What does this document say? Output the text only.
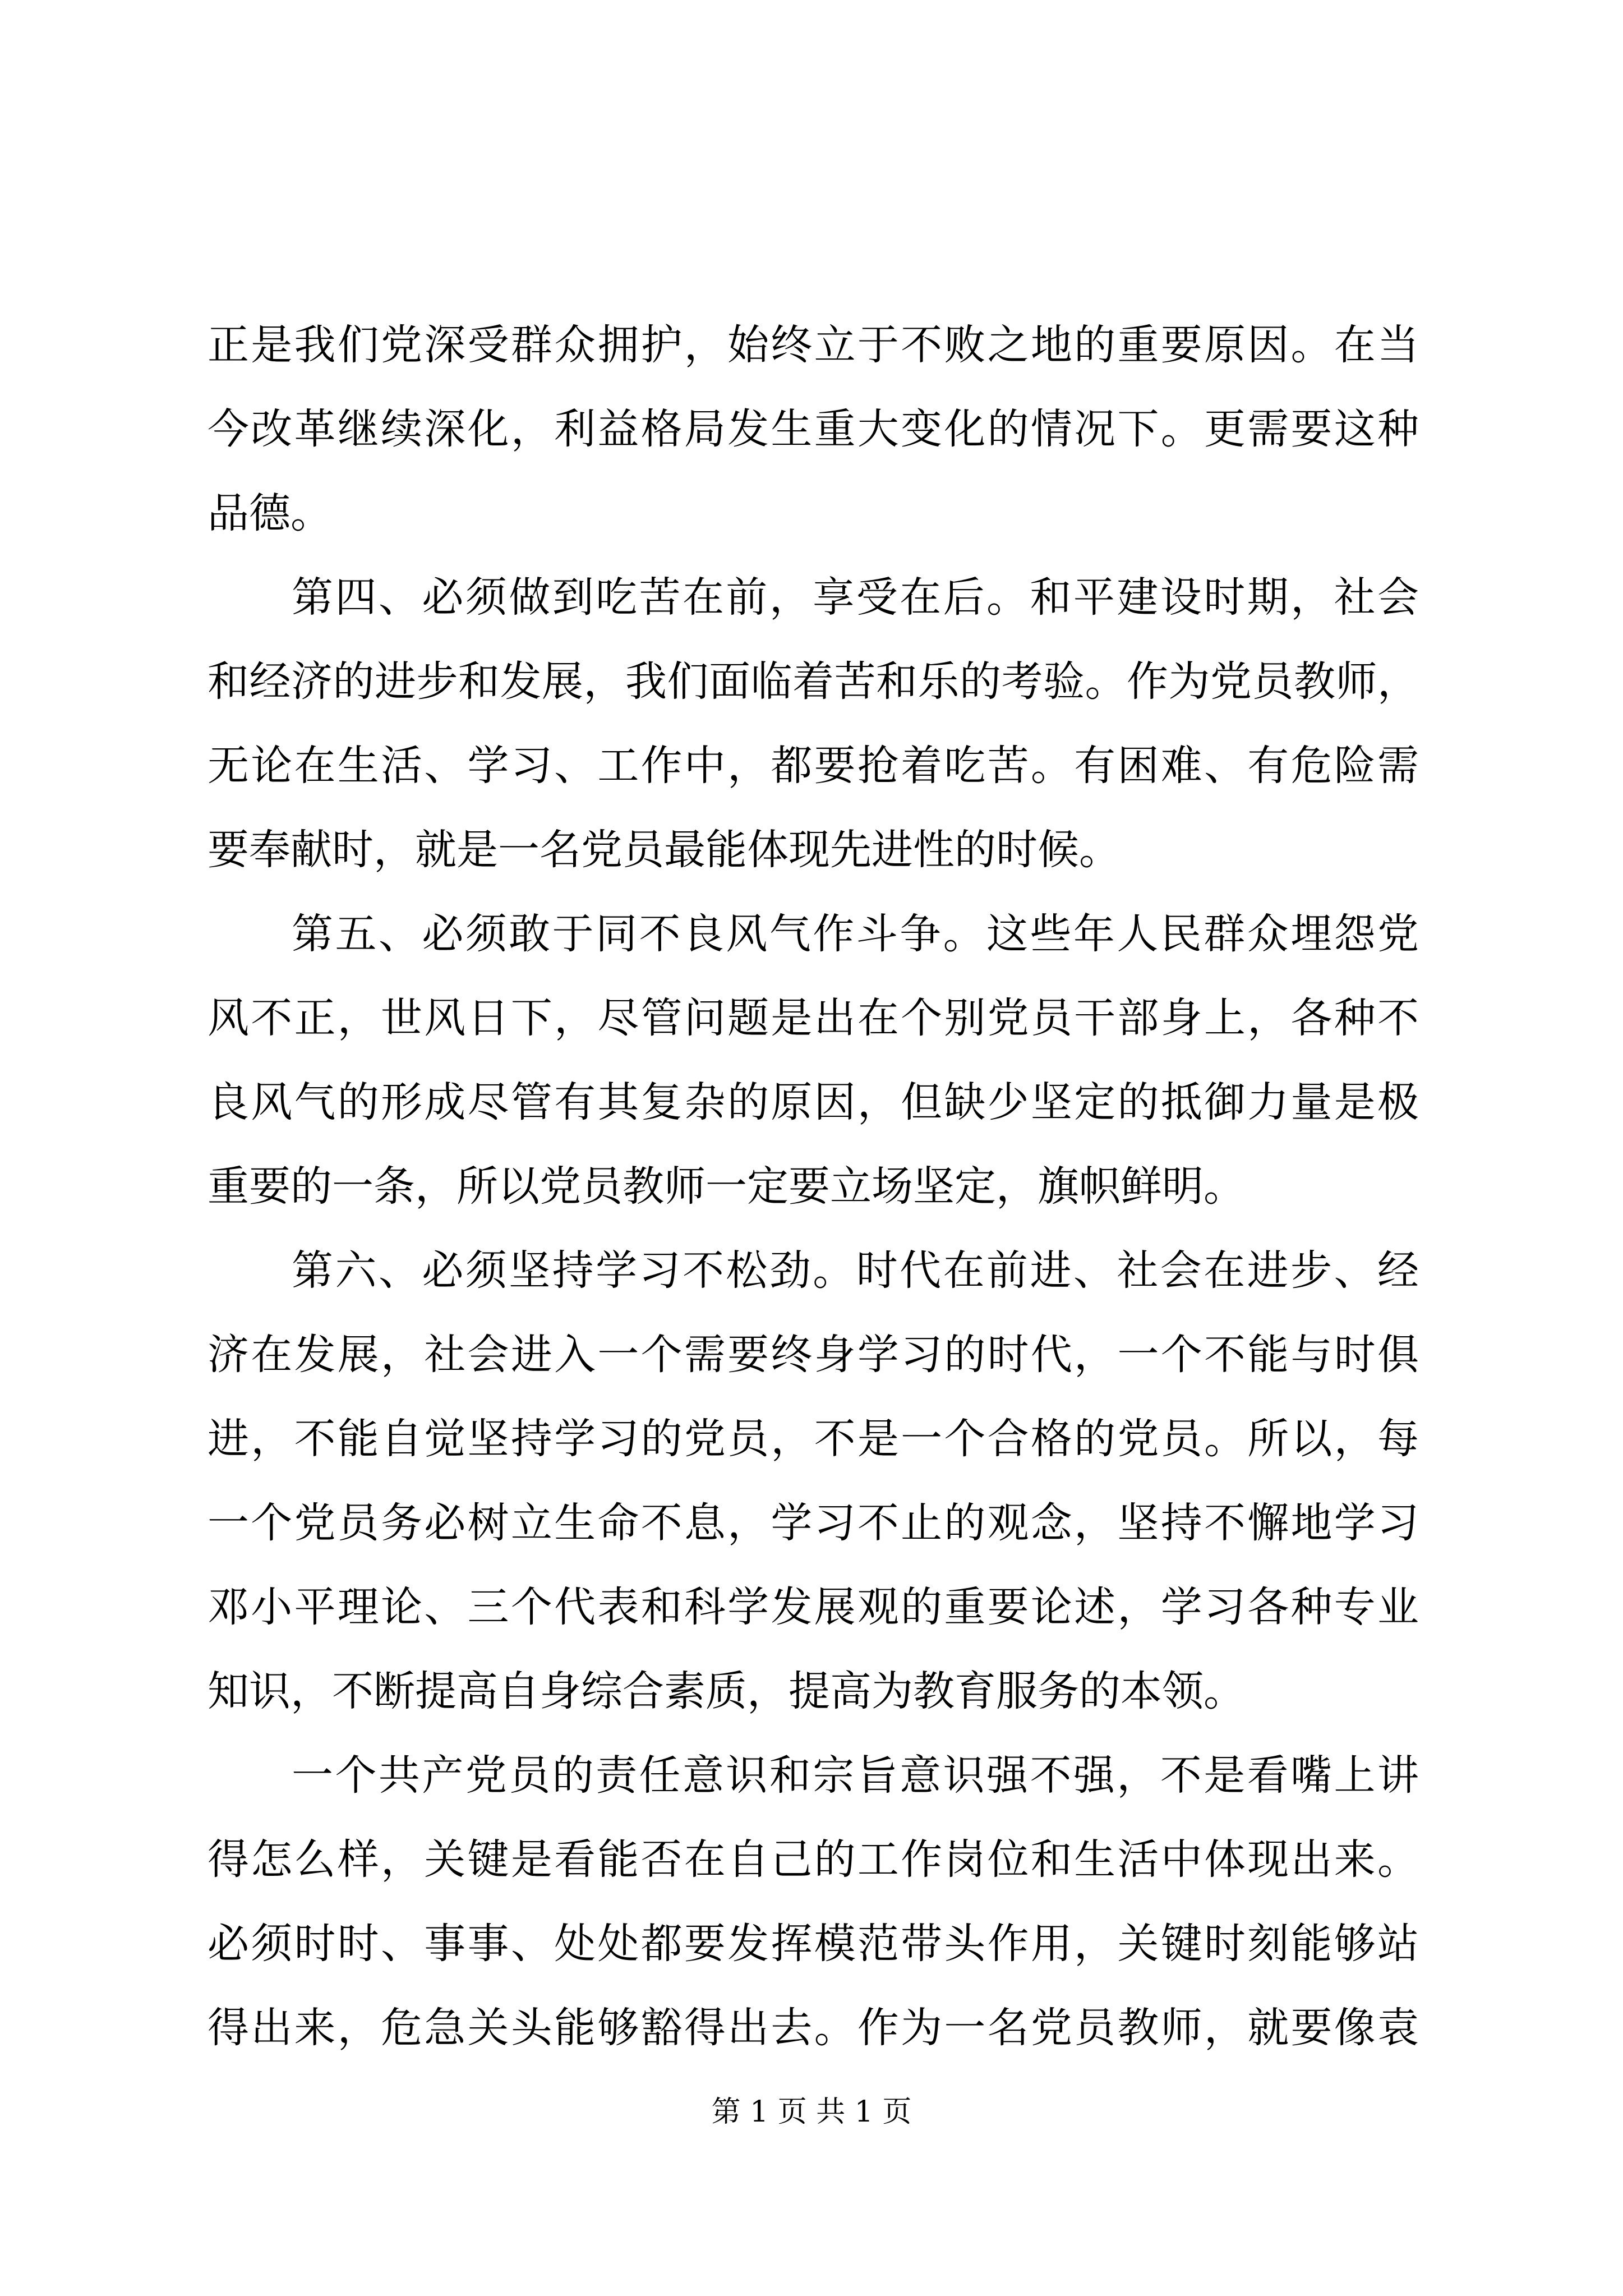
正是我们党深受群众拥护，始终立于不败之地的重要原因。在当
今改革继续深化，利益格局发生重大变化的情况下。更需要这种
品德。
第四、必须做到吃苦在前，享受在后。和平建设时期，社会
和经济的进步和发展，我们面临着苦和乐的考验。作为党员教师，
无论在生活、学习、工作中，都要抢着吃苦。有困难、有危险需
要奉献时，就是一名党员最能体现先进性的时候。
第五、必须敢于同不良风气作斗争。这些年人民群众埋怨党
风不正，世风日下，尽管问题是出在个别党员干部身上，各种不
良风气的形成尽管有其复杂的原因，但缺少坚定的抵御力量是极
重要的一条，所以党员教师一定要立场坚定，旗帜鲜明。
第六、必须坚持学习不松劲。时代在前进、社会在进步、经
济在发展，社会进入一个需要终身学习的时代，一个不能与时俱
进，不能自觉坚持学习的党员，不是一个合格的党员。所以，每
一个党员务必树立生命不息，学习不止的观念，坚持不懈地学习
邓小平理论、三个代表和科学发展观的重要论述，学习各种专业
知识，不断提高自身综合素质，提高为教育服务的本领。
一个共产党员的责任意识和宗旨意识强不强，不是看嘴上讲
得怎么样，关键是看能否在自己的工作岗位和生活中体现出来。
必须时时、事事、处处都要发挥模范带头作用，关键时刻能够站
得出来，危急关头能够豁得出去。作为一名党员教师，就要像袁
第 1 页 共 1 页
